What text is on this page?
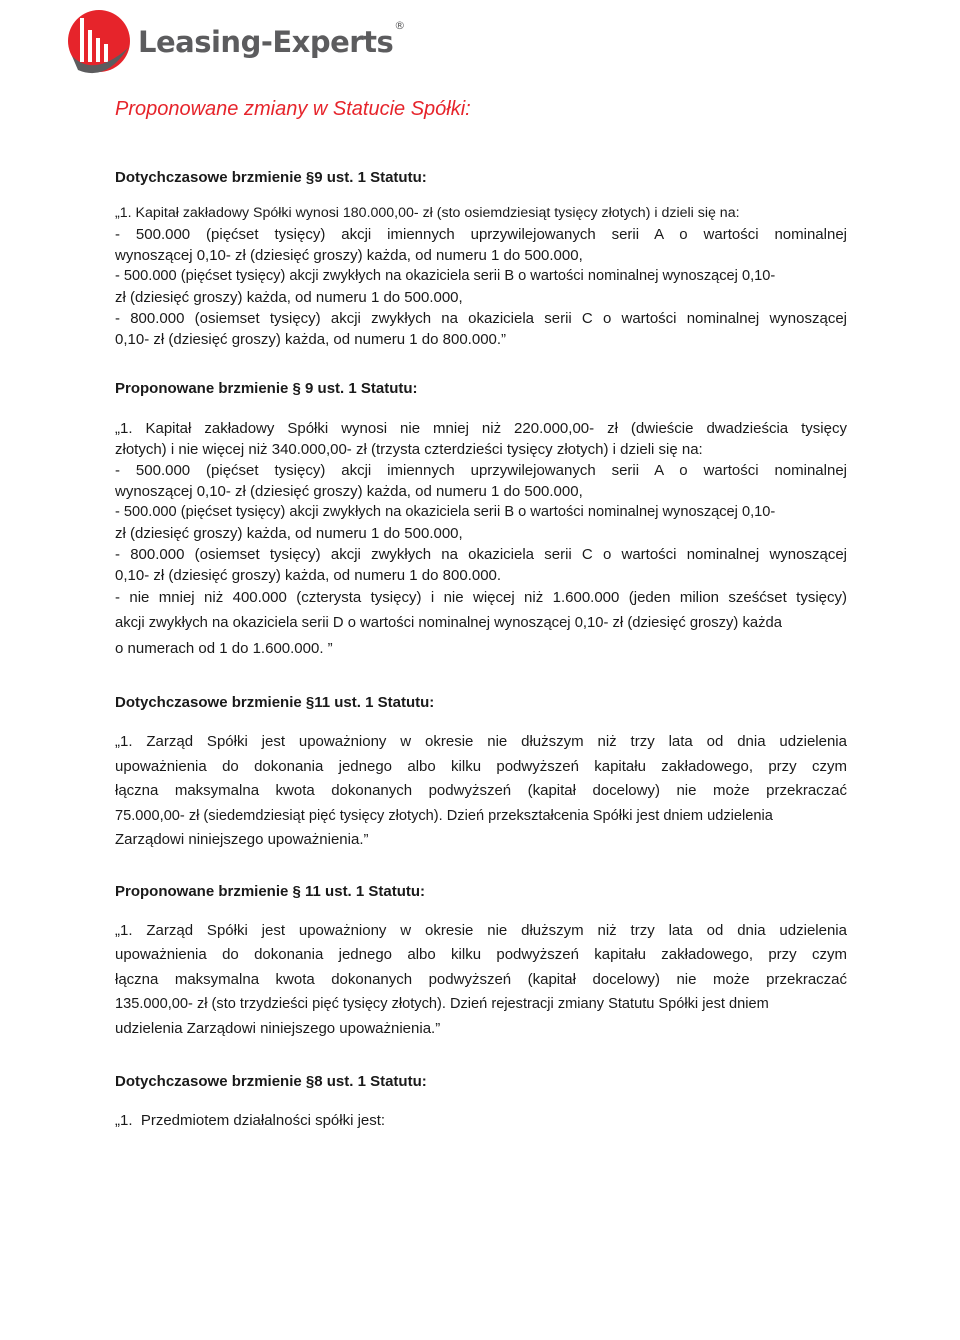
Leasing-Experts®
Proponowane zmiany w Statucie Spółki:

Dotychczasowe brzmienie §9 ust. 1 Statutu:

„1. Kapitał zakładowy Spółki wynosi 180.000,00- zł (sto osiemdziesiąt tysięcy złotych) i dzieli się na:
- 500.000 (pięćset tysięcy) akcji imiennych uprzywilejowanych serii A o wartości nominalnej
wynoszącej 0,10- zł (dziesięć groszy) każda, od numeru 1 do 500.000,
- 500.000 (pięćset tysięcy) akcji zwykłych na okaziciela serii B o wartości nominalnej wynoszącej 0,10-
zł (dziesięć groszy) każda, od numeru 1 do 500.000,
- 800.000 (osiemset tysięcy) akcji zwykłych na okaziciela serii C o wartości nominalnej wynoszącej
0,10- zł (dziesięć groszy) każda, od numeru 1 do 800.000.”

Proponowane brzmienie § 9 ust. 1 Statutu:

„1. Kapitał zakładowy Spółki wynosi nie mniej niż 220.000,00- zł (dwieście dwadzieścia tysięcy
złotych) i nie więcej niż 340.000,00- zł (trzysta czterdzieści tysięcy złotych) i dzieli się na:
- 500.000 (pięćset tysięcy) akcji imiennych uprzywilejowanych serii A o wartości nominalnej
wynoszącej 0,10- zł (dziesięć groszy) każda, od numeru 1 do 500.000,
- 500.000 (pięćset tysięcy) akcji zwykłych na okaziciela serii B o wartości nominalnej wynoszącej 0,10-
zł (dziesięć groszy) każda, od numeru 1 do 500.000,
- 800.000 (osiemset tysięcy) akcji zwykłych na okaziciela serii C o wartości nominalnej wynoszącej
0,10- zł (dziesięć groszy) każda, od numeru 1 do 800.000.
- nie mniej niż 400.000 (czterysta tysięcy) i nie więcej niż 1.600.000 (jeden milion sześćset tysięcy)
akcji zwykłych na okaziciela serii D o wartości nominalnej wynoszącej 0,10- zł (dziesięć groszy) każda
o numerach od 1 do 1.600.000. ”

Dotychczasowe brzmienie §11 ust. 1 Statutu:

„1. Zarząd Spółki jest upoważniony w okresie nie dłuższym niż trzy lata od dnia udzielenia
upoważnienia do dokonania jednego albo kilku podwyższeń kapitału zakładowego, przy czym
łączna maksymalna kwota dokonanych podwyższeń (kapitał docelowy) nie może przekraczać
75.000,00- zł (siedemdziesiąt pięć tysięcy złotych). Dzień przekształcenia Spółki jest dniem udzielenia
Zarządowi niniejszego upoważnienia.”

Proponowane brzmienie § 11 ust. 1 Statutu:

„1. Zarząd Spółki jest upoważniony w okresie nie dłuższym niż trzy lata od dnia udzielenia
upoważnienia do dokonania jednego albo kilku podwyższeń kapitału zakładowego, przy czym
łączna maksymalna kwota dokonanych podwyższeń (kapitał docelowy) nie może przekraczać
135.000,00- zł (sto trzydzieści pięć tysięcy złotych). Dzień rejestracji zmiany Statutu Spółki jest dniem
udzielenia Zarządowi niniejszego upoważnienia.”

Dotychczasowe brzmienie §8 ust. 1 Statutu:

„1.  Przedmiotem działalności spółki jest:
